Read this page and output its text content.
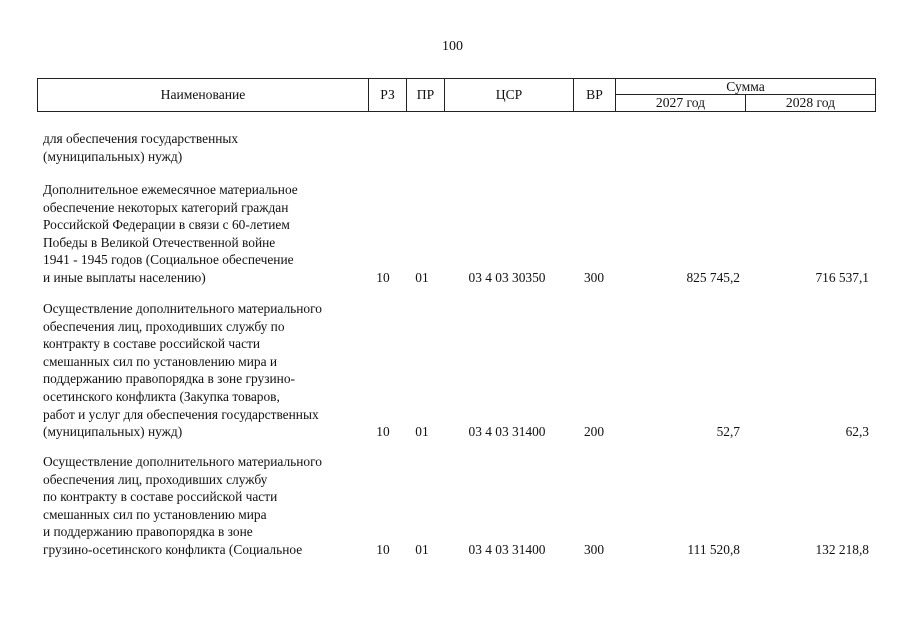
100
Наименование	РЗ	ПР	ЦСР	ВР
Сумма
2027 год	2028 год
для обеспечения государственных
(муниципальных) нужд)
Дополнительное ежемесячное материальное
обеспечение некоторых категорий граждан
Российской Федерации в связи с 60-летием
Победы в Великой Отечественной войне
1941 - 1945 годов (Социальное обеспечение
и иные выплаты населению)	10	01	03 4 03 30350	300	825 745,2	716 537,1
Осуществление дополнительного материального
обеспечения лиц, проходивших службу по
контракту в составе российской части
смешанных сил по установлению мира и
поддержанию правопорядка в зоне грузино-
осетинского конфликта (Закупка товаров,
работ и услуг для обеспечения государственных
(муниципальных) нужд)	10	01	03 4 03 31400	200	52,7	62,3
Осуществление дополнительного материального
обеспечения лиц, проходивших службу
по контракту в составе российской части
смешанных сил по установлению мира
и поддержанию правопорядка в зоне
грузино-осетинского конфликта (Социальное	10	01	03 4 03 31400	300	111 520,8	132 218,8
